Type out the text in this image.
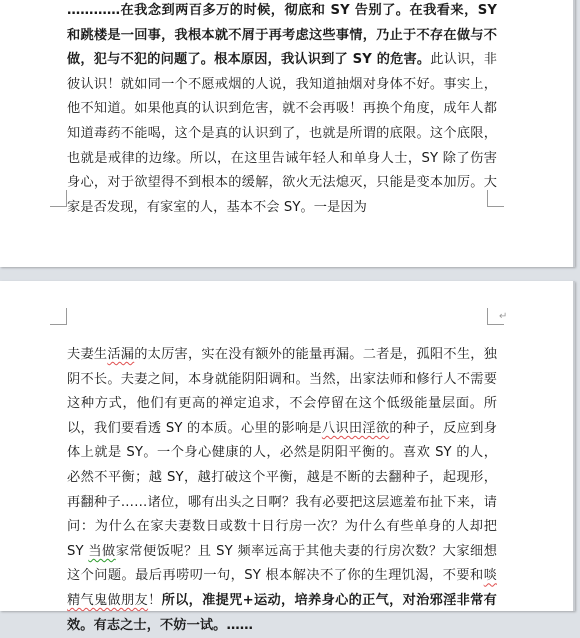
…………在我念到两百多万的时候，彻底和 SY 告别了。在我看来，SY 和跳楼是一回事，我根本就不屑于再考虑这些事情，乃止于不存在做与不做，犯与不犯的问题了。根本原因，我认识到了 SY 的危害。此认识，非彼认识！就如同一个不愿戒烟的人说，我知道抽烟对身体不好。事实上，他不知道。如果他真的认识到危害，就不会再吸！再换个角度，成年人都知道毒药不能喝，这个是真的认识到了，也就是所谓的底限。这个底限，也就是戒律的边缘。所以，在这里告诫年轻人和单身人士，SY 除了伤害身心，对于欲望得不到根本的缓解，欲火无法熄灭，只能是变本加厉。大家是否发现，有家室的人，基本不会 SY。一是因为

↵

夫妻生活漏的太厉害，实在没有额外的能量再漏。二者是，孤阳不生，独阴不长。夫妻之间，本身就能阴阳调和。当然，出家法师和修行人不需要这种方式，他们有更高的禅定追求，不会停留在这个低级能量层面。所以，我们要看透 SY 的本质。心里的影响是八识田淫欲的种子，反应到身体上就是 SY。一个身心健康的人，必然是阴阳平衡的。喜欢 SY 的人，必然不平衡；越 SY，越打破这个平衡，越是不断的去翻种子，起现形，再翻种子……诸位，哪有出头之日啊？我有必要把这层遮羞布扯下来，请问：为什么在家夫妻数日或数十日行房一次？为什么有些单身的人却把 SY 当做家常便饭呢？且 SY 频率远高于其他夫妻的行房次数？大家细想这个问题。最后再唠叨一句，SY 根本解决不了你的生理饥渴，不要和啖精气鬼做朋友！所以，准提咒+运动，培养身心的正气，对治邪淫非常有效。有志之士，不妨一试。……
